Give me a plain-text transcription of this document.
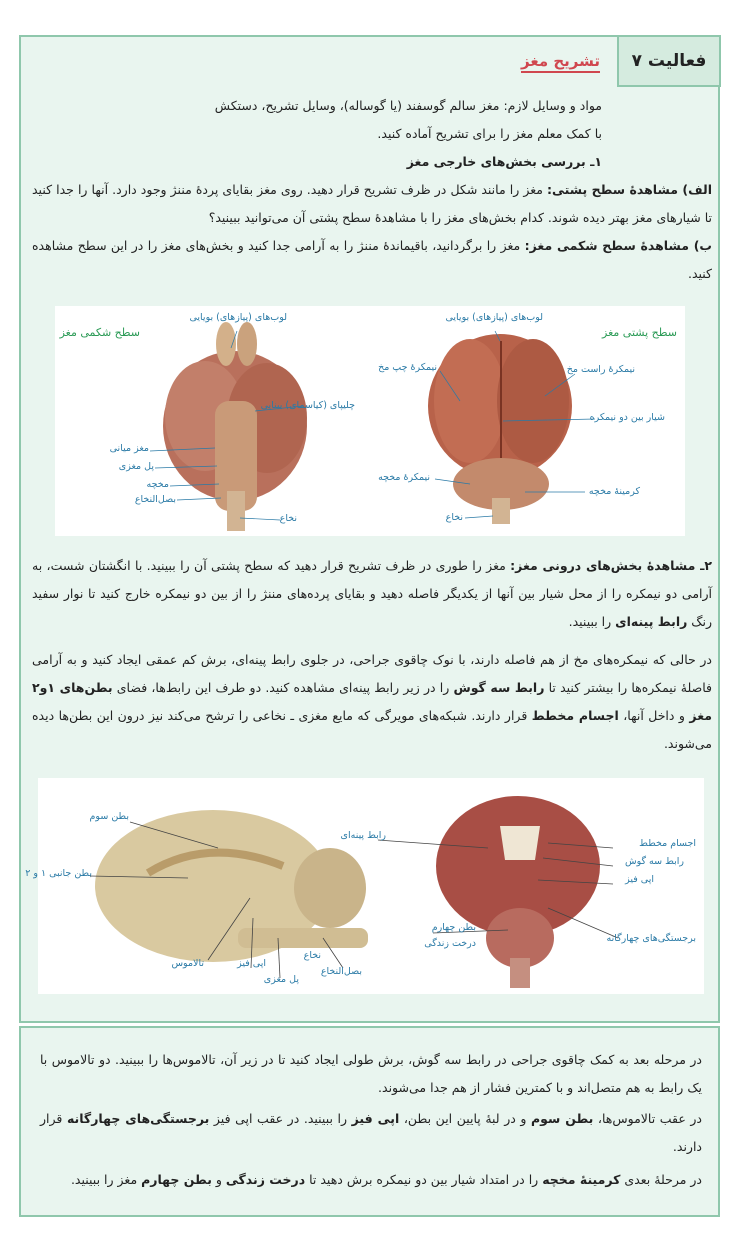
فعالیت ۷
تشریح مغز
مواد و وسایل لازم: مغز سالم گوسفند (یا گوساله)، وسایل تشریح، دستکش
با کمک معلم مغز را برای تشریح آماده کنید.
۱ـ بررسی بخش‌های خارجی مغز
الف) مشاهدۀ سطح پشتی: مغز را مانند شکل در ظرف تشریح قرار دهید. روی مغز بقایای پردۀ مننژ وجود دارد. آنها را جدا کنید تا شیارهای مغز بهتر دیده شوند. کدام بخش‌های مغز را با مشاهدۀ سطح پشتی آن می‌توانید ببینید؟
ب) مشاهدۀ سطح شکمی مغز: مغز را برگردانید، باقیماندۀ مننژ را به آرامی جدا کنید و بخش‌های مغز را در این سطح مشاهده کنید.
سطح شکمی مغز	سطح پشتی مغز
لوب‌های (پیازهای) بویایی
چلیپای (کیاسمای) بینایی
مغز میانی
پل مغزی
مخچه
بصل‌النخاع
نخاع
لوب‌های (پیازهای) بویایی
نیمکرۀ چپ مخ	نیمکرۀ راست مخ
شیار بین دو نیمکره
نیمکرۀ مخچه
کرمینۀ مخچه
نخاع
۲ـ مشاهدۀ بخش‌های درونی مغز: مغز را طوری در ظرف تشریح قرار دهید که سطح پشتی آن را ببینید. با انگشتان شست، به آرامی دو نیمکره را از محل شیار بین آنها از یکدیگر فاصله دهید و بقایای پرده‌های مننژ را از بین دو نیمکره خارج کنید تا نوار سفید رنگ رابط پینه‌ای را ببینید.
در حالی که نیمکره‌های مخ از هم فاصله دارند، با نوک چاقوی جراحی، در جلوی رابط پینه‌ای، برش کم عمقی ایجاد کنید و به آرامی فاصلۀ نیمکره‌ها را بیشتر کنید تا رابط سه گوش را در زیر رابط پینه‌ای مشاهده کنید. دو طرف این رابط‌ها، فضای بطن‌های ۱و۲ مغز و داخل آنها، اجسام مخطط قرار دارند. شبکه‌های مویرگی که مایع مغزی ـ نخاعی را ترشح می‌کند نیز درون این بطن‌ها دیده می‌شوند.
بطن سوم
بطن جانبی ۱ و ۲
تالاموس	اپی فیز
پل مغزی
بصل‌النخاع
نخاع
رابط پینه‌ای
اجسام مخطط
رابط سه گوش
اپی فیز
بطن چهارم
درخت زندگی	برجستگی‌های چهارگانه
در مرحله بعد به کمک چاقوی جراحی در رابط سه گوش، برش طولی ایجاد کنید تا در زیر آن، تالاموس‌ها را ببینید. دو تالاموس با یک رابط به هم متصل‌اند و با کمترین فشار از هم جدا می‌شوند.
در عقب تالاموس‌ها، بطن سوم و در لبۀ پایین این بطن، اپی فیز را ببینید. در عقب اپی فیز برجستگی‌های چهارگانه قرار دارند.
در مرحلۀ بعدی کرمینۀ مخچه را در امتداد شیار بین دو نیمکره برش دهید تا درخت زندگی و بطن چهارم مغز را ببینید.
